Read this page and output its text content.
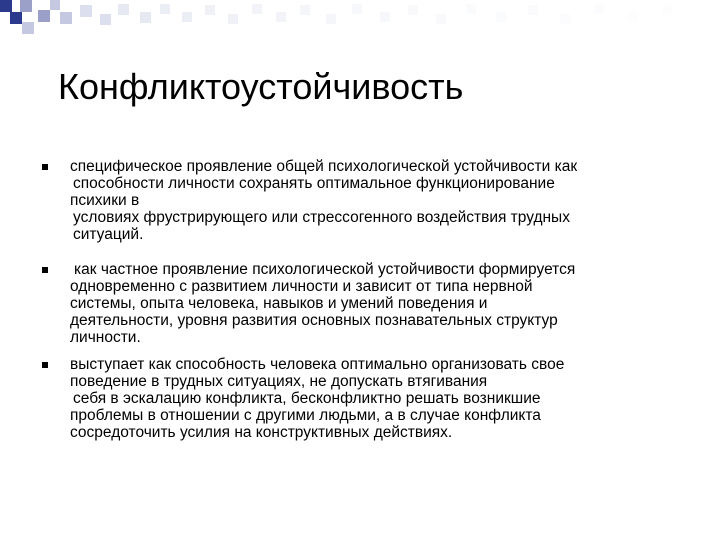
Конфликтоустойчивость
специфическое проявление общей психологической устойчивости как
способности личности сохранять оптимальное функционирование
психики в
условиях фрустрирующего или стрессогенного воздействия трудных
ситуаций.
как частное проявление психологической устойчивости формируется
одновременно с развитием личности и зависит от типа нервной
системы, опыта человека, навыков и умений поведения и
деятельности, уровня развития основных познавательных структур
личности.
выступает как способность человека оптимально организовать свое
поведение в трудных ситуациях, не допускать втягивания
себя в эскалацию конфликта, бесконфликтно решать возникшие
проблемы в отношении с другими людьми, а в случае конфликта
сосредоточить усилия на конструктивных действиях.
